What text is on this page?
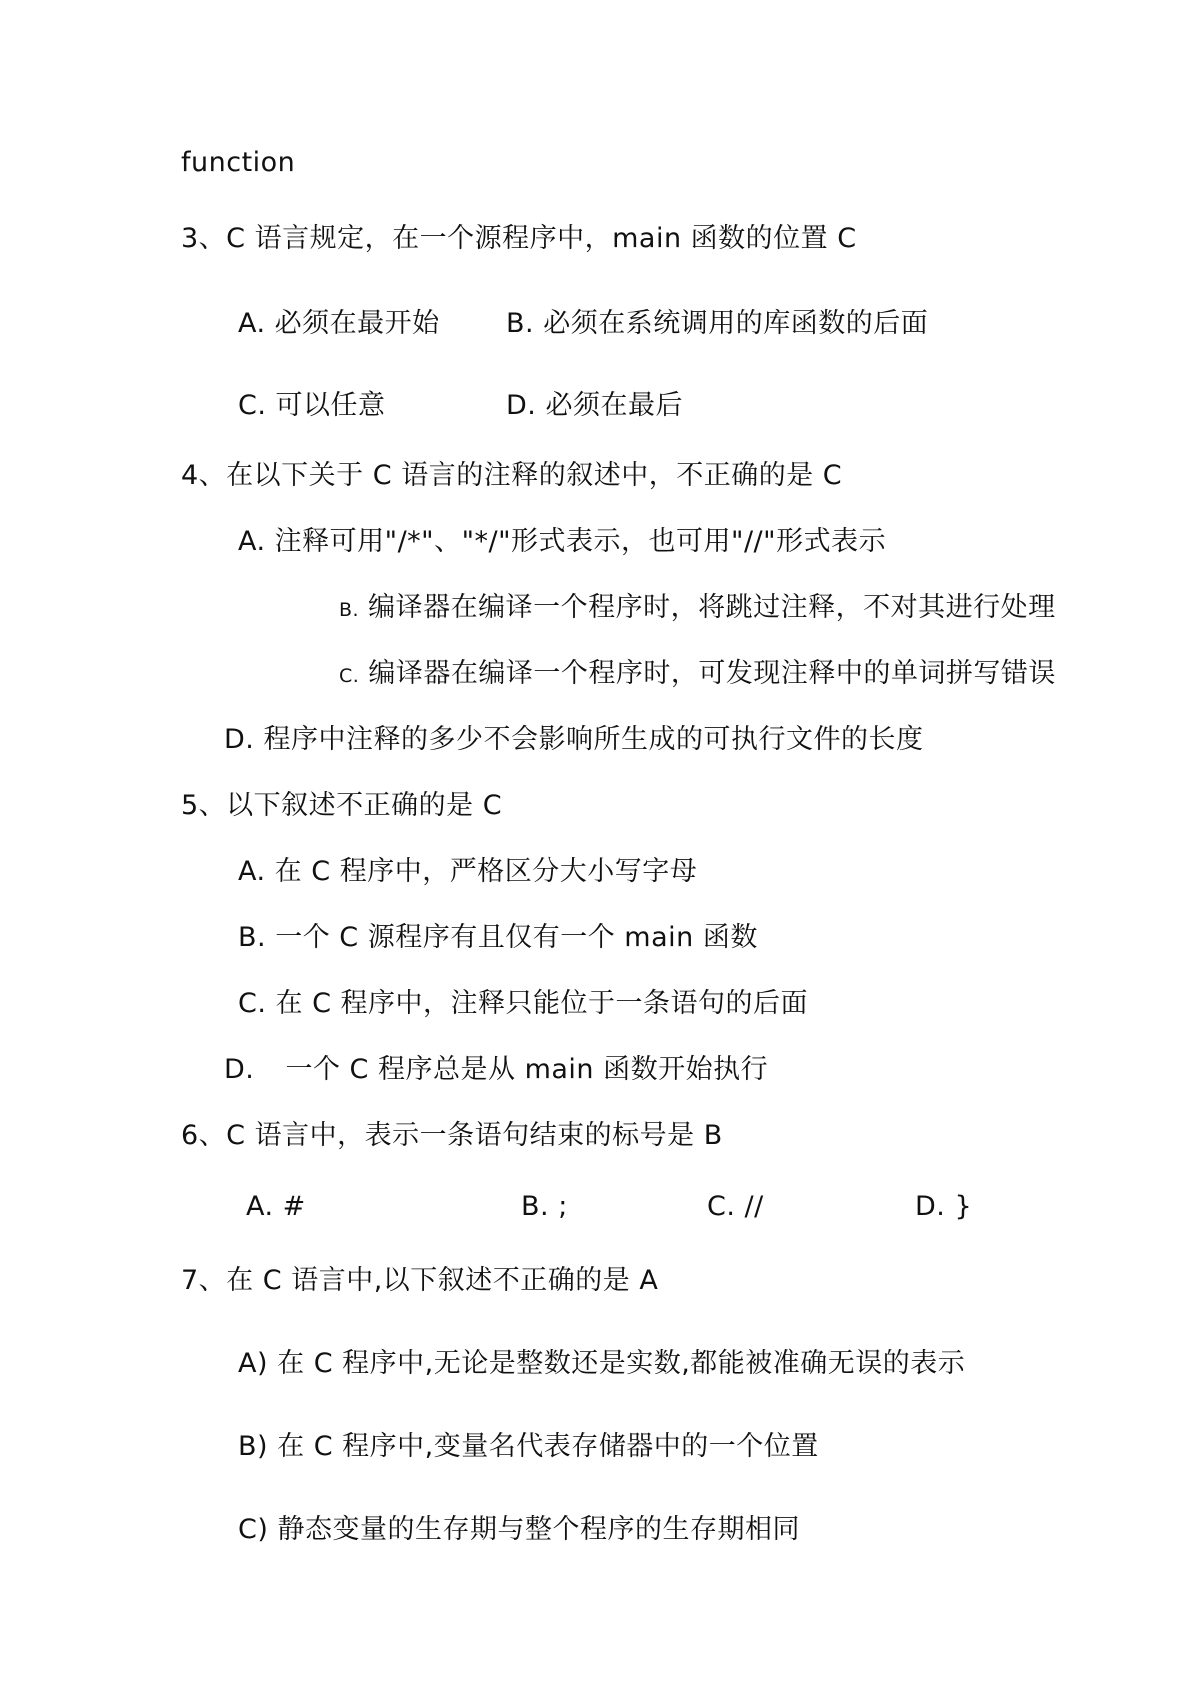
function
3、C 语言规定，在一个源程序中，main 函数的位置 C
A. 必须在最开始 B. 必须在系统调用的库函数的后面
C. 可以任意	D. 必须在最后
4、在以下关于 C 语言的注释的叙述中，不正确的是 C
A. 注释可用"/*"、"*/"形式表示，也可用"//"形式表示
B. 编译器在编译一个程序时，将跳过注释，不对其进行处理
C. 编译器在编译一个程序时，可发现注释中的单词拼写错误
D. 程序中注释的多少不会影响所生成的可执行文件的长度
5、以下叙述不正确的是 C
A. 在 C 程序中，严格区分大小写字母
B. 一个 C 源程序有且仅有一个 main 函数
C. 在 C 程序中，注释只能位于一条语句的后面
D. 一个 C 程序总是从 main 函数开始执行
6、C 语言中，表示一条语句结束的标号是 B
A. #	B. ;	C. //	D. }
7、在 C 语言中,以下叙述不正确的是 A
A) 在 C 程序中,无论是整数还是实数,都能被准确无误的表示
B) 在 C 程序中,变量名代表存储器中的一个位置
C) 静态变量的生存期与整个程序的生存期相同
